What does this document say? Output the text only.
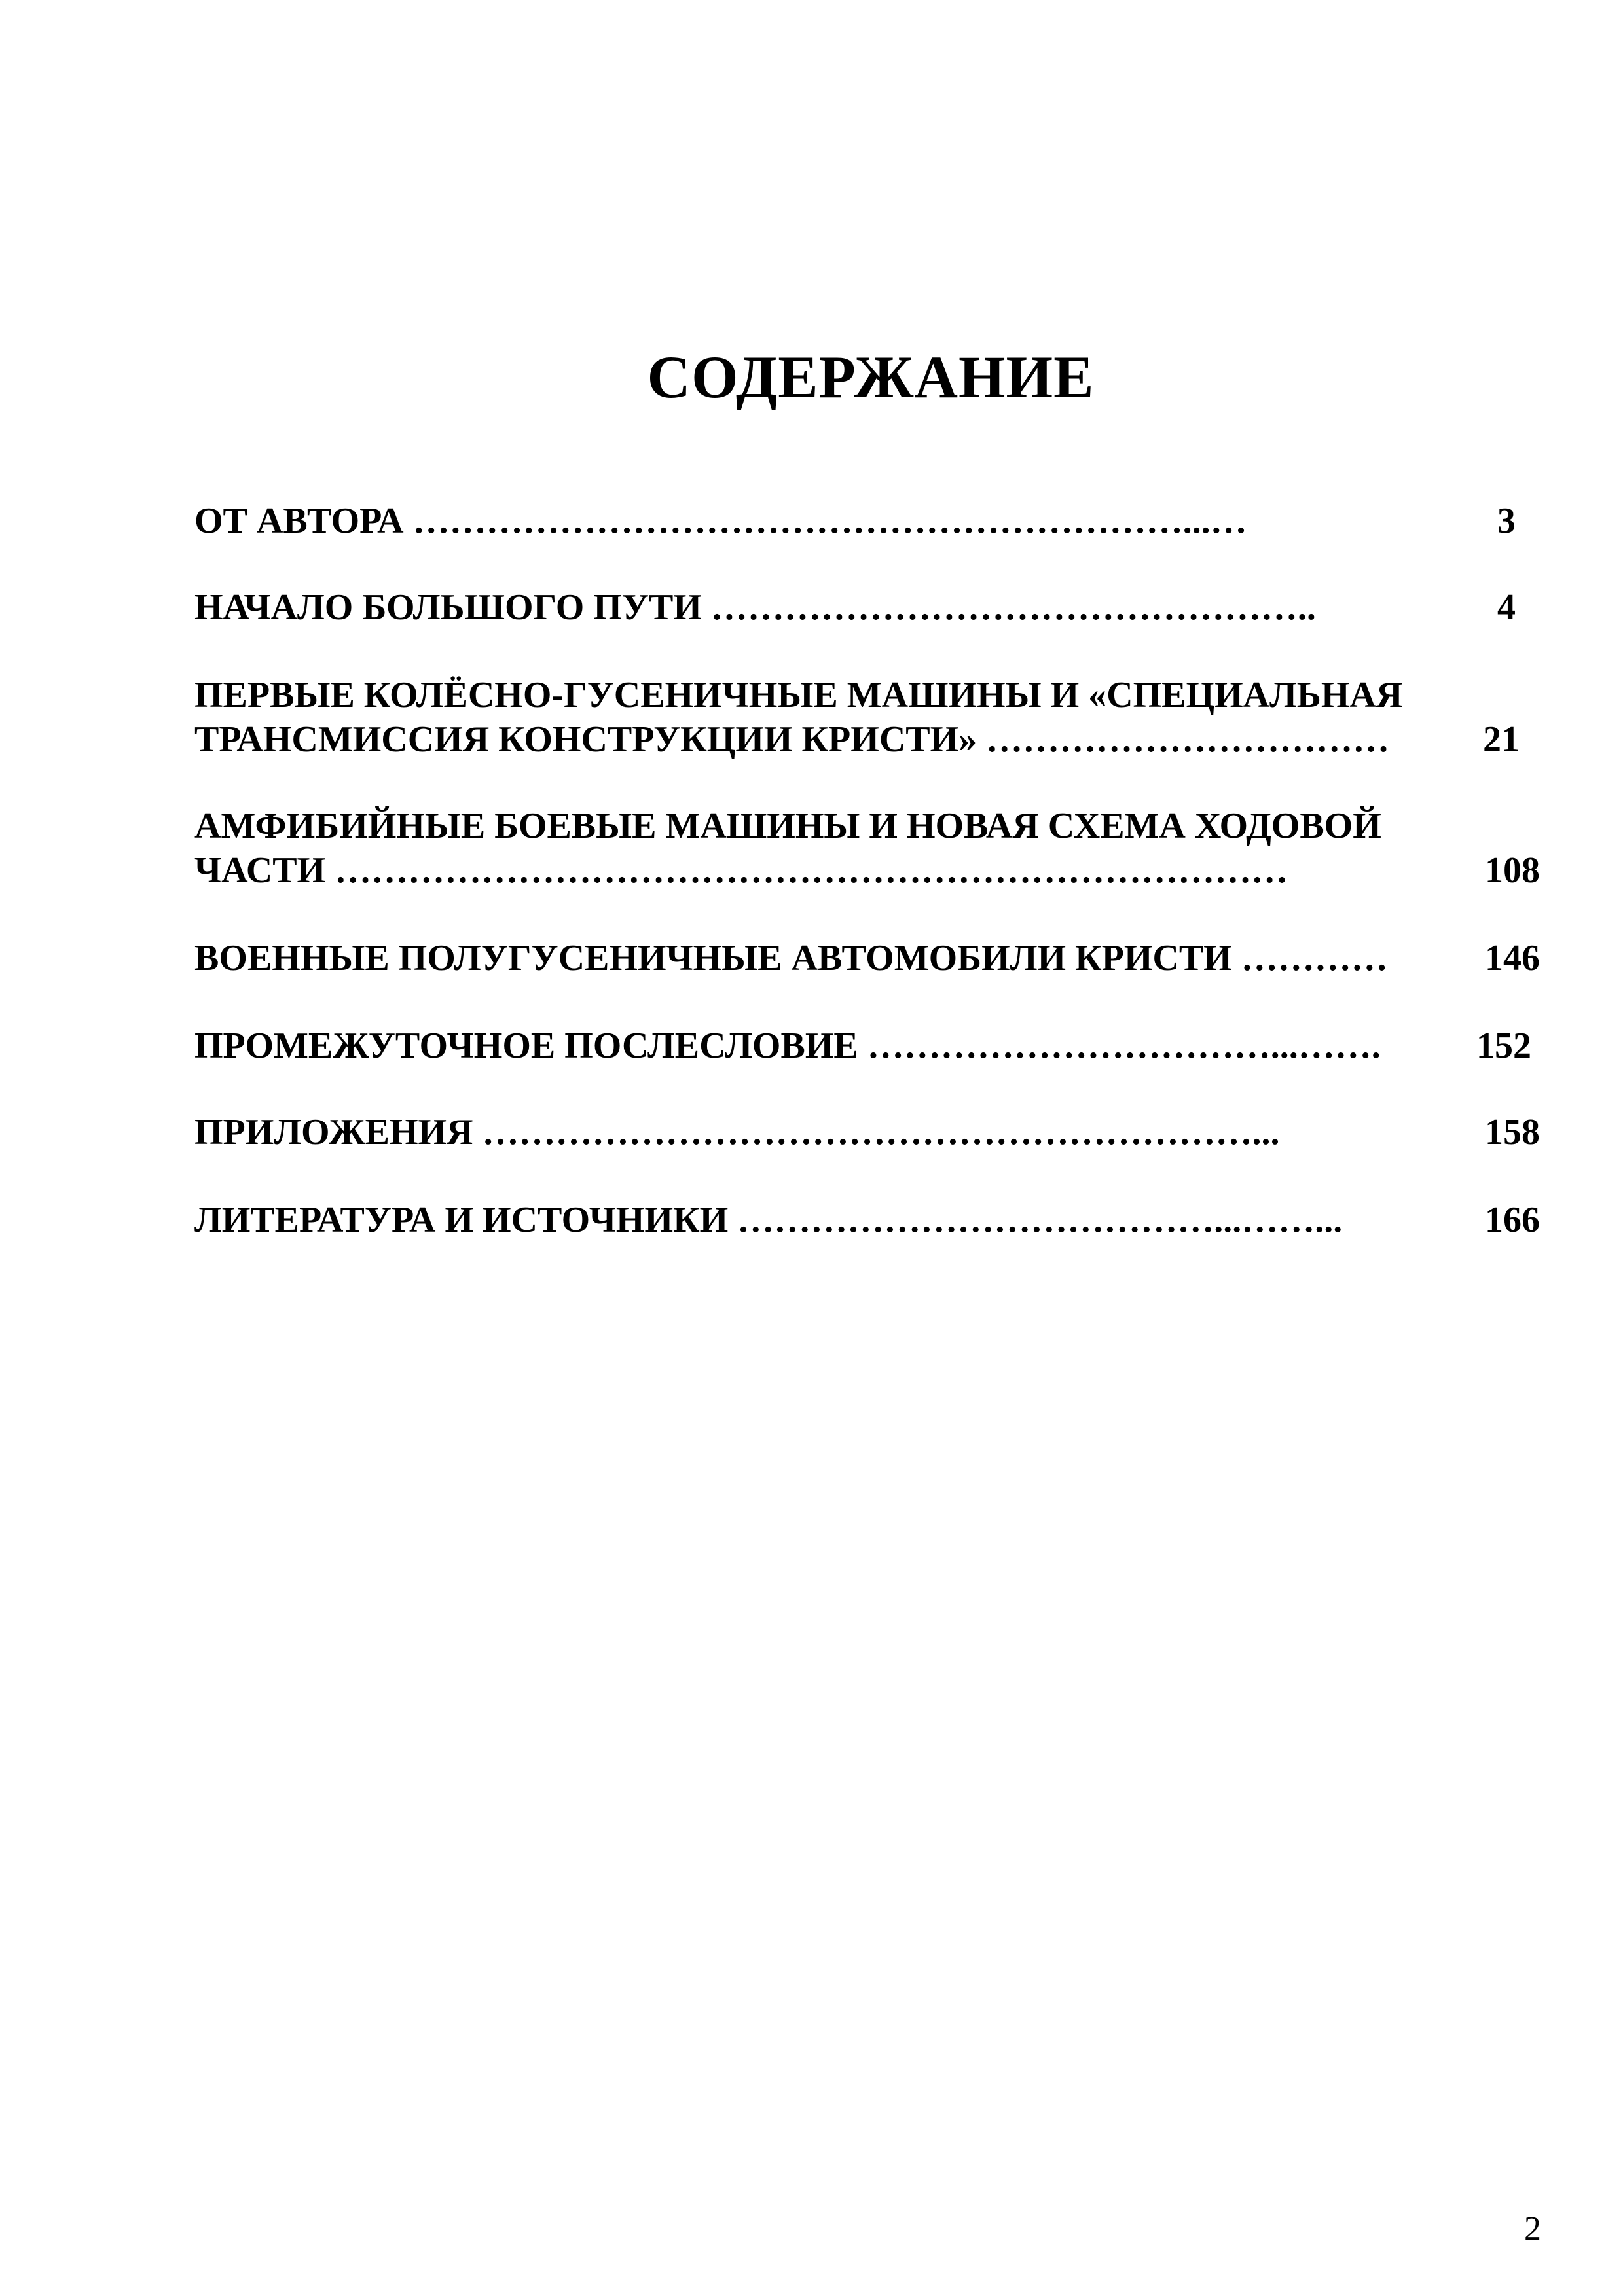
СОДЕРЖАНИЕ
ОТ АВТОРА ………………………………………………………...…	3
НАЧАЛО БОЛЬШОГО ПУТИ …………………………………………..	4
ПЕРВЫЕ КОЛЁСНО-ГУСЕНИЧНЫЕ МАШИНЫ И «СПЕЦИАЛЬНАЯ
ТРАНСМИССИЯ КОНСТРУКЦИИ КРИСТИ» ……………………………	21
АМФИБИЙНЫЕ БОЕВЫЕ МАШИНЫ И НОВАЯ СХЕМА ХОДОВОЙ
ЧАСТИ ……………………………………………………………………	108
ВОЕННЫЕ ПОЛУГУСЕНИЧНЫЕ АВТОМОБИЛИ КРИСТИ …………	146
ПРОМЕЖУТОЧНОЕ ПОСЛЕСЛОВИЕ ……………………………...…….	152
ПРИЛОЖЕНИЯ ………………………………………………………...	158
ЛИТЕРАТУРА И ИСТОЧНИКИ …………………………………...……...	166
2
